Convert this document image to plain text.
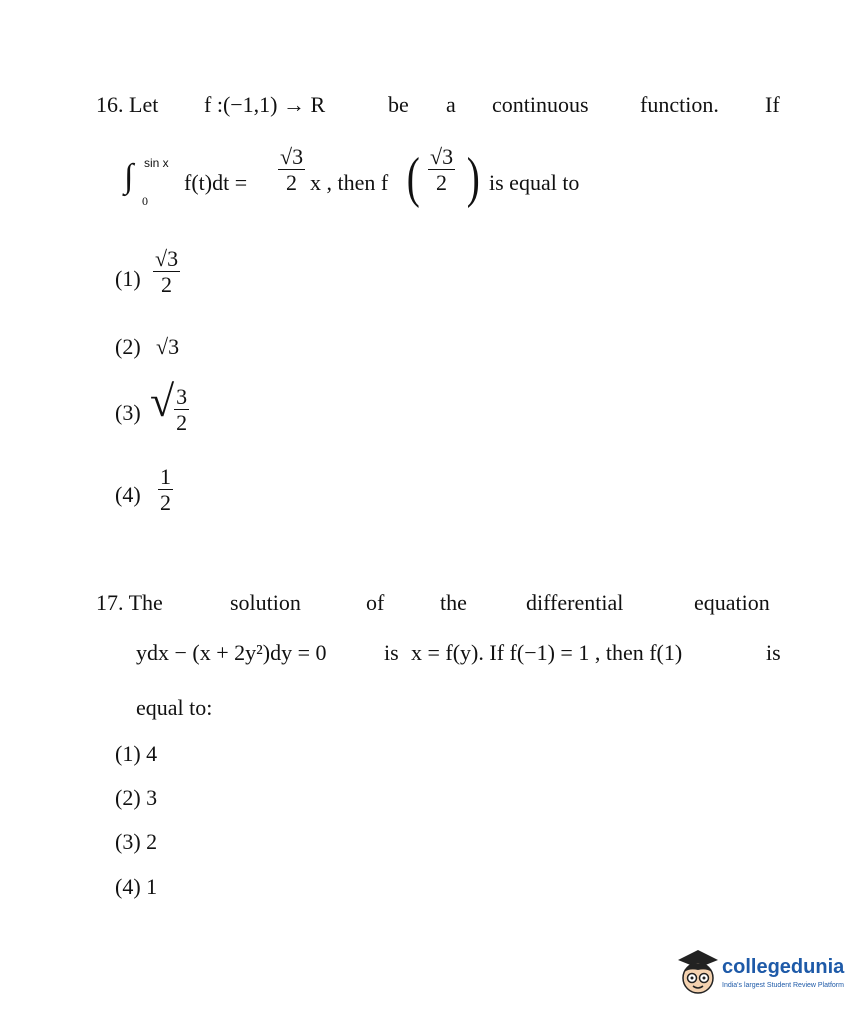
16. Let f :(−1,1) → R	be a continuous function. If
∫ sin x
0
$f(t)dt = \frac{√3}{2}$ x , then f ( $\frac{√3}{2}$ ) is equal to
$(1) \frac{√3}{2}$
(2) √3
(3) √ $\frac{3}{2}$
$(4) \frac{1}{2}$
17. The	solution	of	the	differential	equation
ydx − (x + 2y²)dy = 0	is x = f(y). If f(−1) = 1 , then f(1)	is
equal to:
(1) 4
(2) 3
(3) 2
(4) 1
collegedunia
India's largest Student Review Platform
